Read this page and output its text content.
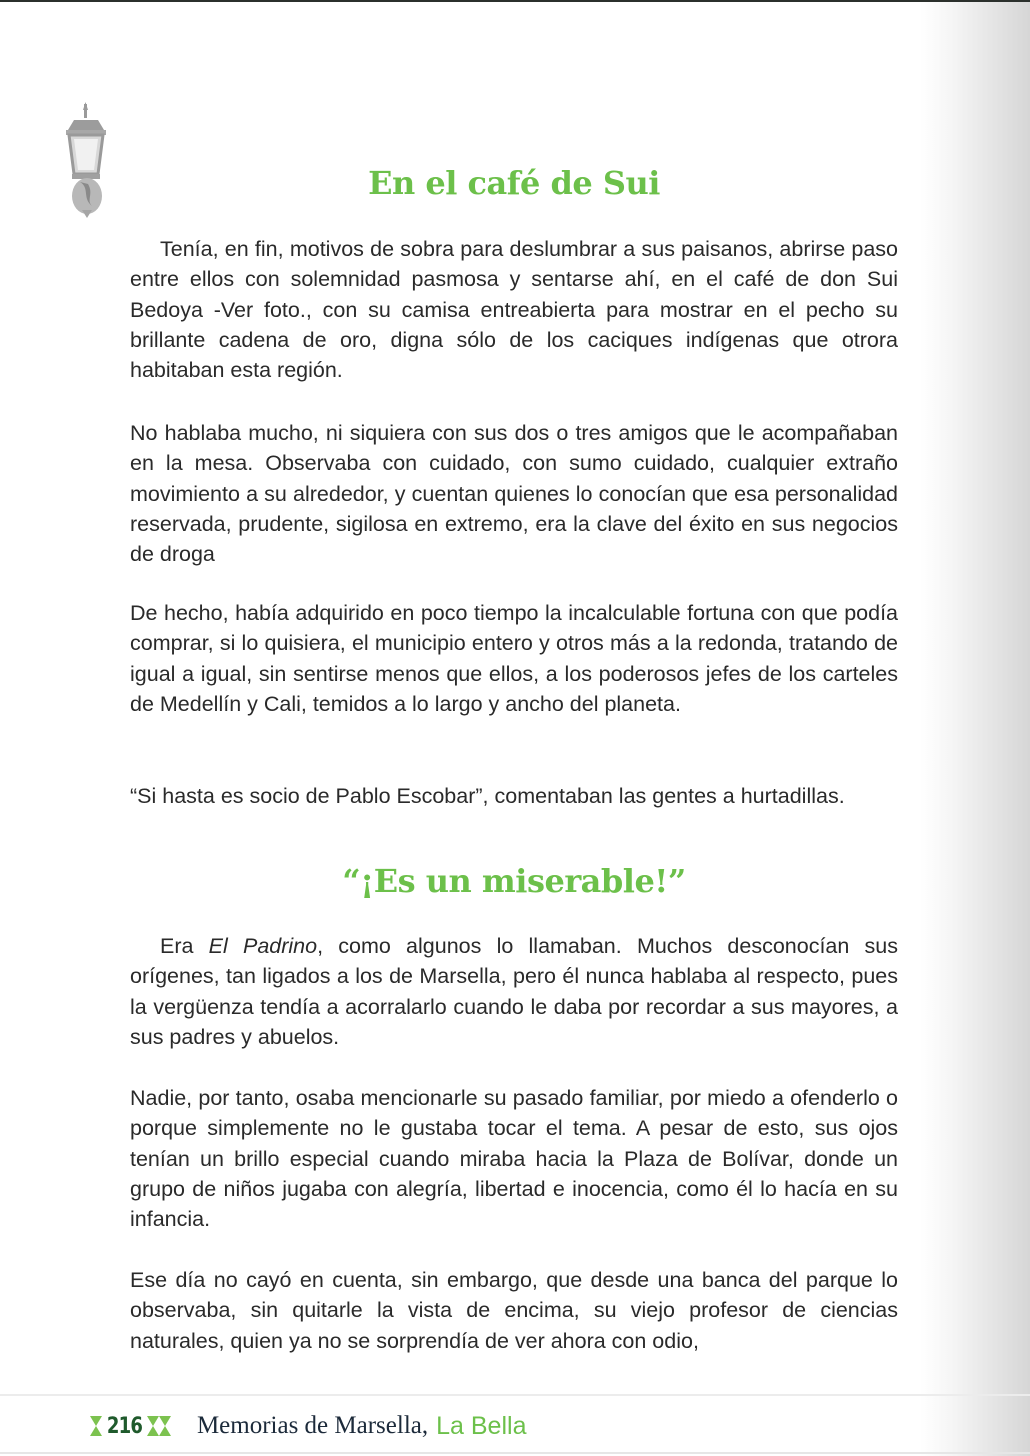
En el café de Sui

Tenía, en fin, motivos de sobra para deslumbrar a sus paisanos, abrirse paso entre ellos con solemnidad pasmosa y sentarse ahí, en el café de don Sui Bedoya -Ver foto., con su camisa entreabierta para mostrar en el pecho su brillante cadena de oro, digna sólo de los caciques indígenas que otrora habitaban esta región.

No hablaba mucho, ni siquiera con sus dos o tres amigos que le acompañaban en la mesa. Observaba con cuidado, con sumo cuidado, cualquier extraño movimiento a su alrededor, y cuentan quienes lo conocían que esa personalidad reservada, prudente, sigilosa en extremo, era la clave del éxito en sus negocios de droga

De hecho, había adquirido en poco tiempo la incalculable fortuna con que podía comprar, si lo quisiera, el municipio entero y otros más a la redonda, tratando de igual a igual, sin sentirse menos que ellos, a los poderosos jefes de los carteles de Medellín y Cali, temidos a lo largo y ancho del planeta.

“Si hasta es socio de Pablo Escobar”, comentaban las gentes a hurtadillas.

“¡Es un miserable!”

Era El Padrino, como algunos lo llamaban. Muchos desconocían sus orígenes, tan ligados a los de Marsella, pero él nunca hablaba al respecto, pues la vergüenza tendía a acorralarlo cuando le daba por recordar a sus mayores, a sus padres y abuelos.

Nadie, por tanto, osaba mencionarle su pasado familiar, por miedo a ofenderlo o porque simplemente no le gustaba tocar el tema. A pesar de esto, sus ojos tenían un brillo especial cuando miraba hacia la Plaza de Bolívar, donde un grupo de niños jugaba con alegría, libertad e inocencia, como él lo hacía en su infancia.

Ese día no cayó en cuenta, sin embargo, que desde una banca del parque lo observaba, sin quitarle la vista de encima, su viejo profesor de ciencias naturales, quien ya no se sorprendía de ver ahora con odio,

216 Memorias de Marsella, La Bella
